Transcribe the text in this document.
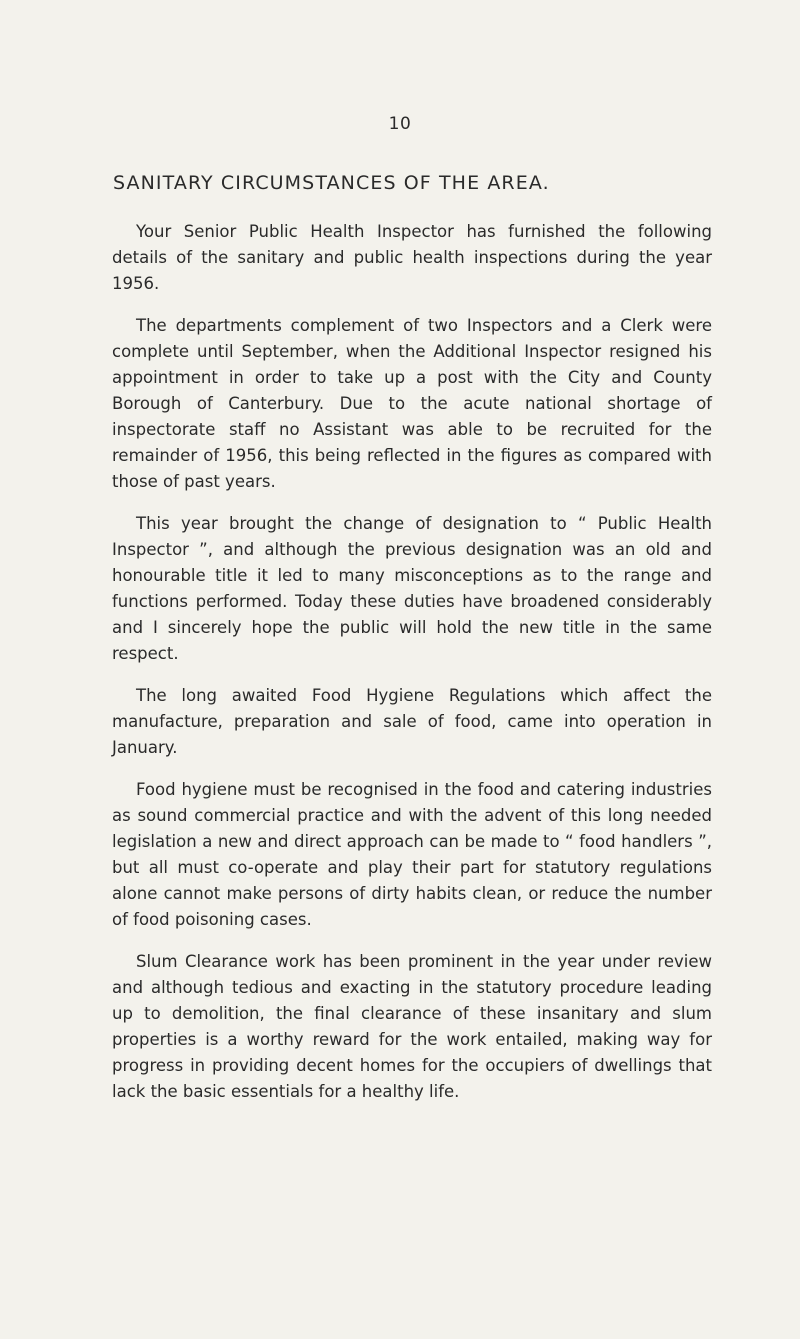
10
SANITARY CIRCUMSTANCES OF THE AREA.

Your Senior Public Health Inspector has furnished the following details of the sanitary and public health inspections during the year 1956.

The departments complement of two Inspectors and a Clerk were complete until September, when the Additional Inspector resigned his appointment in order to take up a post with the City and County Borough of Canterbury. Due to the acute national shortage of inspectorate staff no Assistant was able to be recruited for the remainder of 1956, this being reflected in the figures as compared with those of past years.

This year brought the change of designation to “ Public Health Inspector ”, and although the previous designation was an old and honourable title it led to many misconceptions as to the range and functions performed. Today these duties have broadened considerably and I sincerely hope the public will hold the new title in the same respect.

The long awaited Food Hygiene Regulations which affect the manufacture, preparation and sale of food, came into operation in January.

Food hygiene must be recognised in the food and catering industries as sound commercial practice and with the advent of this long needed legislation a new and direct approach can be made to “ food handlers ”, but all must co-operate and play their part for statutory regulations alone cannot make persons of dirty habits clean, or reduce the number of food poisoning cases.

Slum Clearance work has been prominent in the year under review and although tedious and exacting in the statutory procedure leading up to demolition, the final clearance of these insanitary and slum properties is a worthy reward for the work entailed, making way for progress in providing decent homes for the occupiers of dwellings that lack the basic essentials for a healthy life.
